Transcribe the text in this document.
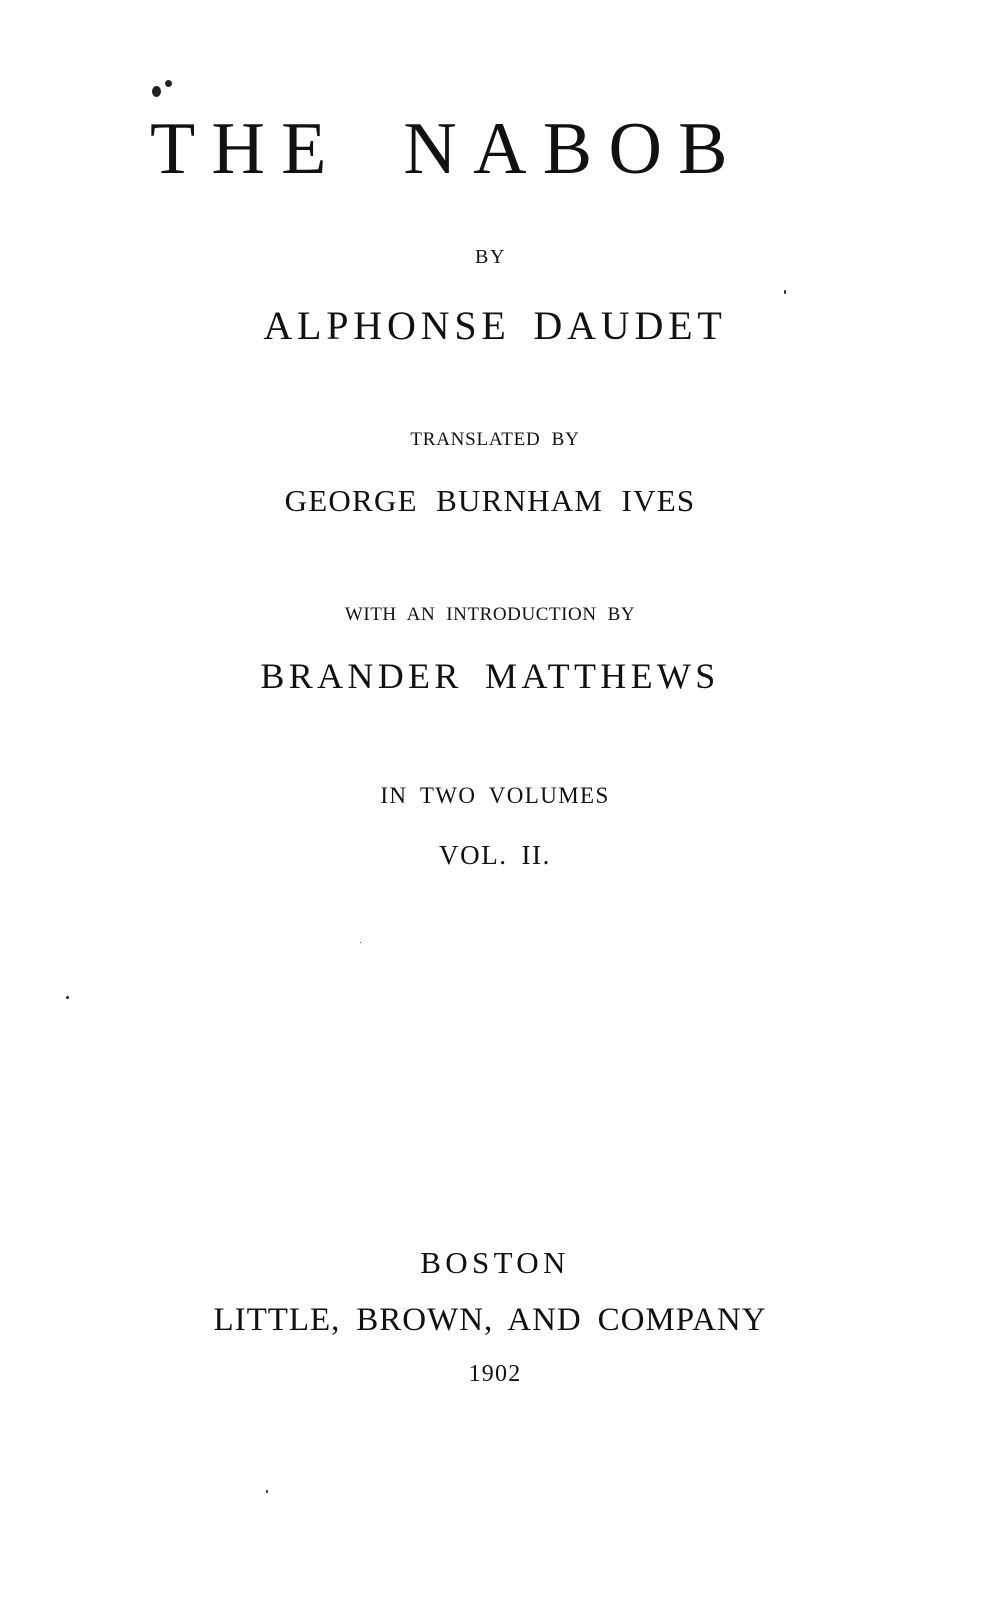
THE NABOB
BY
ALPHONSE DAUDET
TRANSLATED BY
GEORGE BURNHAM IVES
WITH AN INTRODUCTION BY
BRANDER MATTHEWS
IN TWO VOLUMES
VOL. II.
BOSTON
LITTLE, BROWN, AND COMPANY
1902
